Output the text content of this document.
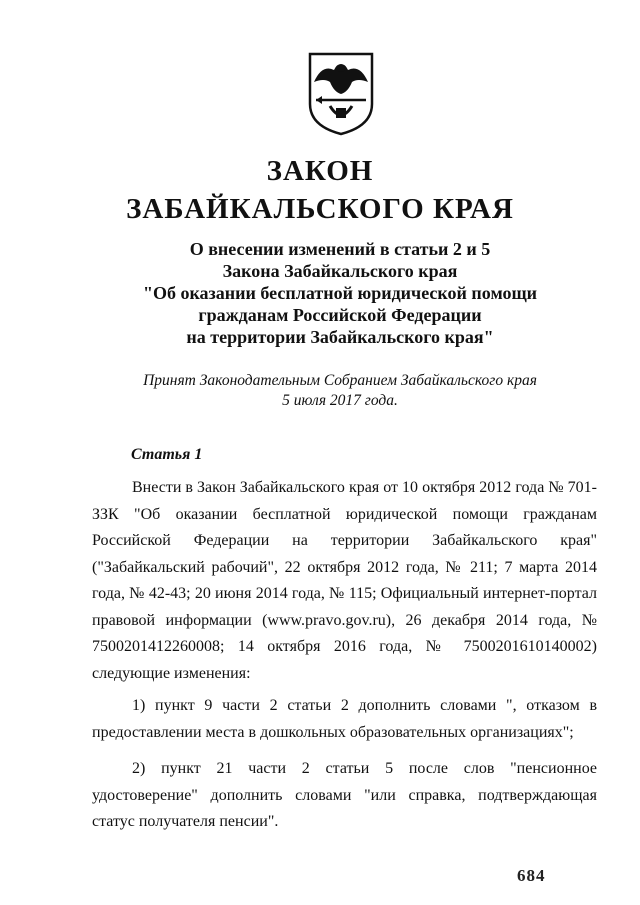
ЗАКОН
ЗАБАЙКАЛЬСКОГО КРАЯ
О внесении изменений в статьи 2 и 5
Закона Забайкальского края
"Об оказании бесплатной юридической помощи
гражданам Российской Федерации
на территории Забайкальского края"
Принят Законодательным Собранием Забайкальского края
5 июля 2017 года.
Статья 1

Внести в Закон Забайкальского края от 10 октября 2012 года № 701-ЗЗК "Об оказании бесплатной юридической помощи гражданам Российской Федерации на территории Забайкальского края" ("Забайкальский рабочий", 22 октября 2012 года, № 211; 7 марта 2014 года, № 42-43; 20 июня 2014 года, № 115; Официальный интернет-портал правовой информации (www.pravo.gov.ru), 26 декабря 2014 года, № 7500201412260008; 14 октября 2016 года, № 7500201610140002) следующие изменения:

1) пункт 9 части 2 статьи 2 дополнить словами ", отказом в предоставлении места в дошкольных образовательных организациях";

2) пункт 21 части 2 статьи 5 после слов "пенсионное удостоверение" дополнить словами "или справка, подтверждающая статус получателя пенсии".

684
